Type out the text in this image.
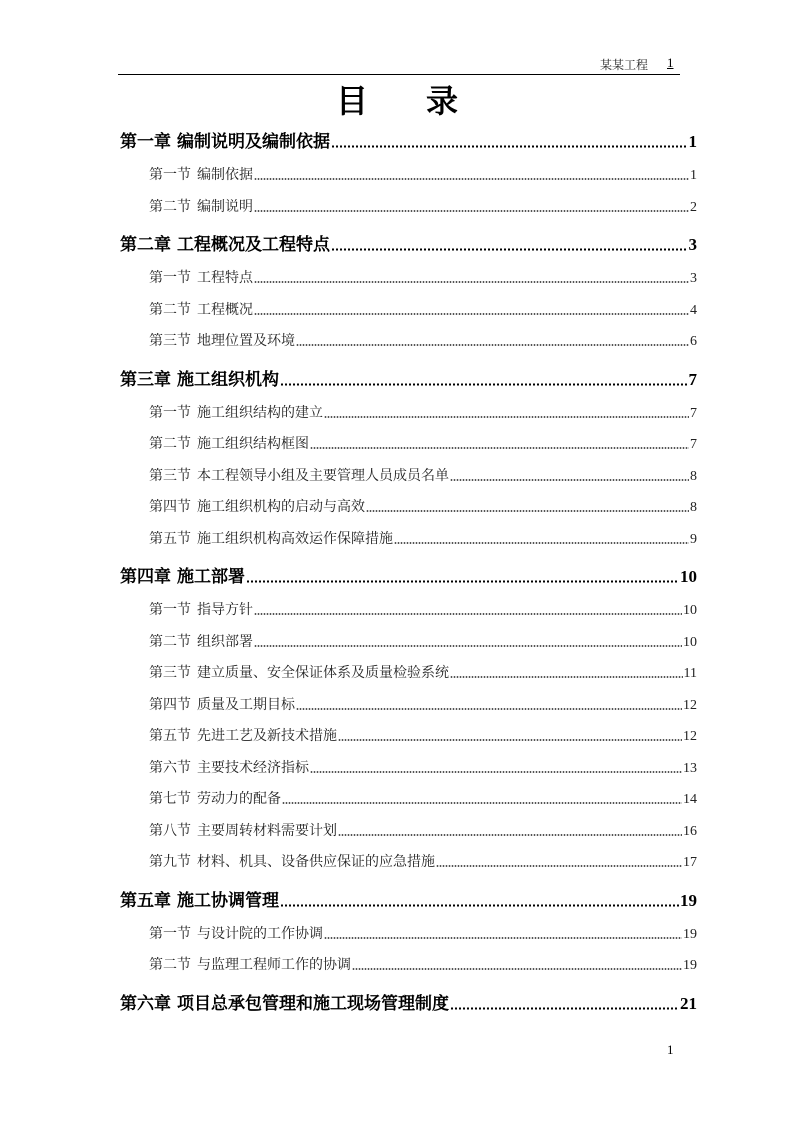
某某工程 1
目录
第一章 编制说明及编制依据	1
第一节 编制依据	1
第二节 编制说明	2
第二章 工程概况及工程特点	3
第一节 工程特点	3
第二节 工程概况	4
第三节 地理位置及环境	6
第三章 施工组织机构	7
第一节 施工组织结构的建立	7
第二节 施工组织结构框图	7
第三节 本工程领导小组及主要管理人员成员名单	8
第四节 施工组织机构的启动与高效	8
第五节 施工组织机构高效运作保障措施	9
第四章 施工部署	10
第一节 指导方针	10
第二节 组织部署	10
第三节 建立质量、安全保证体系及质量检验系统	11
第四节 质量及工期目标	12
第五节 先进工艺及新技术措施	12
第六节 主要技术经济指标	13
第七节 劳动力的配备	14
第八节 主要周转材料需要计划	16
第九节 材料、机具、设备供应保证的应急措施	17
第五章 施工协调管理	19
第一节 与设计院的工作协调	19
第二节 与监理工程师工作的协调	19
第六章 项目总承包管理和施工现场管理制度	21
1
